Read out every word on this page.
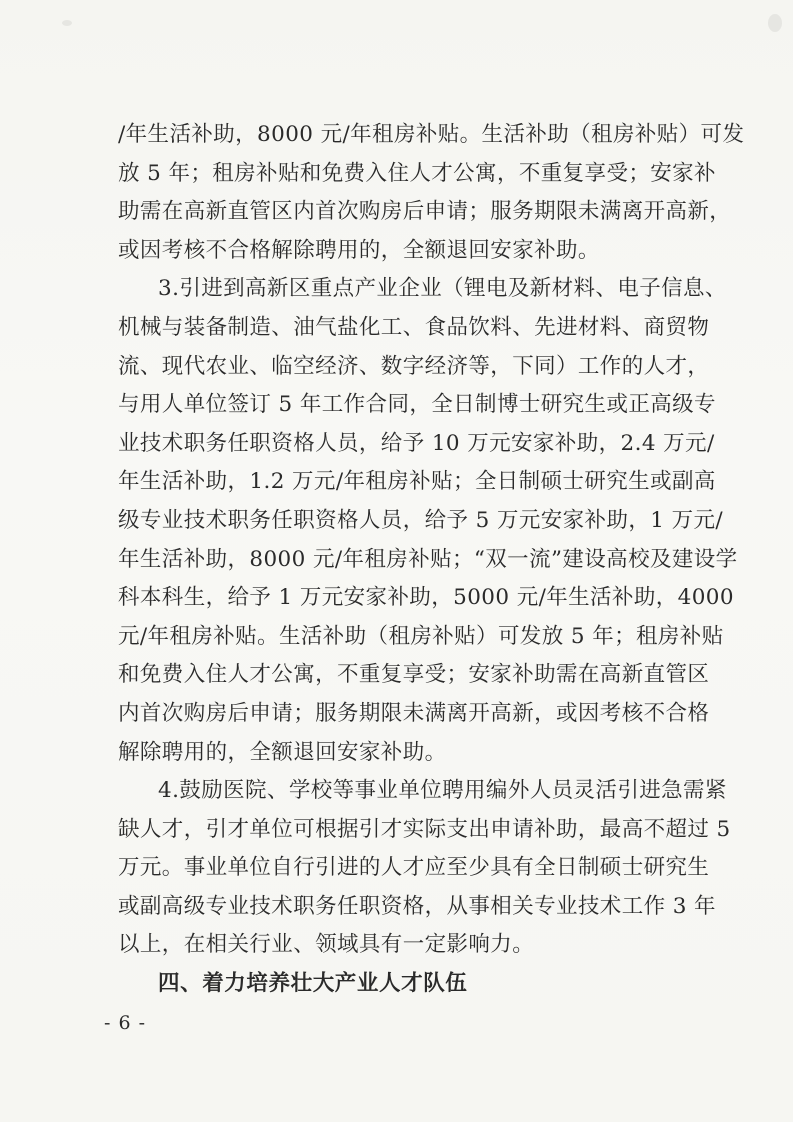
/年生活补助，8000 元/年租房补贴。生活补助（租房补贴）可发
放 5 年；租房补贴和免费入住人才公寓，不重复享受；安家补
助需在高新直管区内首次购房后申请；服务期限未满离开高新，
或因考核不合格解除聘用的，全额退回安家补助。
3.引进到高新区重点产业企业（锂电及新材料、电子信息、
机械与装备制造、油气盐化工、食品饮料、先进材料、商贸物
流、现代农业、临空经济、数字经济等，下同）工作的人才，
与用人单位签订 5 年工作合同，全日制博士研究生或正高级专
业技术职务任职资格人员，给予 10 万元安家补助，2.4 万元/
年生活补助，1.2 万元/年租房补贴；全日制硕士研究生或副高
级专业技术职务任职资格人员，给予 5 万元安家补助，1 万元/
年生活补助，8000 元/年租房补贴；“双一流”建设高校及建设学
科本科生，给予 1 万元安家补助，5000 元/年生活补助，4000
元/年租房补贴。生活补助（租房补贴）可发放 5 年；租房补贴
和免费入住人才公寓，不重复享受；安家补助需在高新直管区
内首次购房后申请；服务期限未满离开高新，或因考核不合格
解除聘用的，全额退回安家补助。
4.鼓励医院、学校等事业单位聘用编外人员灵活引进急需紧
缺人才，引才单位可根据引才实际支出申请补助，最高不超过 5
万元。事业单位自行引进的人才应至少具有全日制硕士研究生
或副高级专业技术职务任职资格，从事相关专业技术工作 3 年
以上，在相关行业、领域具有一定影响力。
四、着力培养壮大产业人才队伍
- 6 -
